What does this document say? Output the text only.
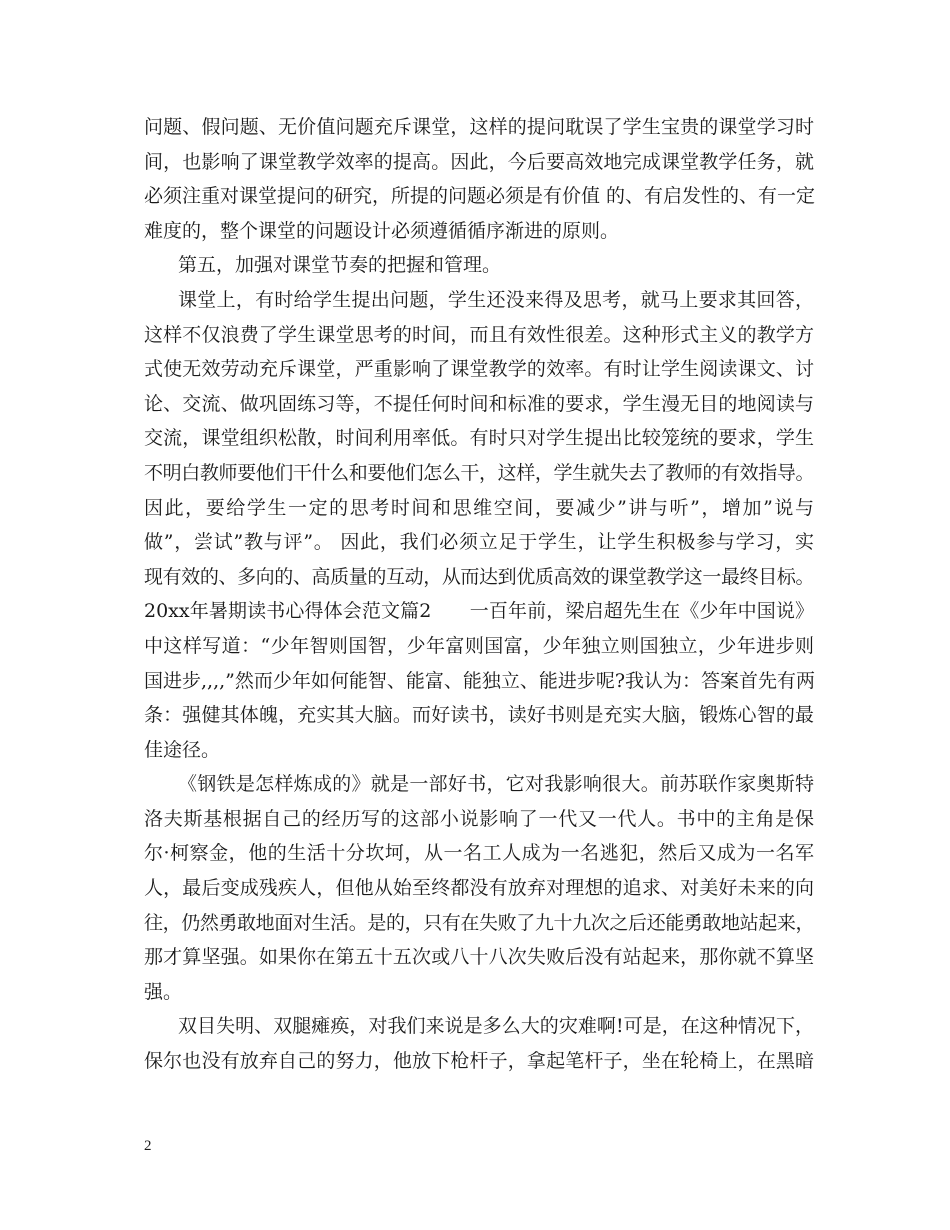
问题、假问题、无价值问题充斥课堂，这样的提问耽误了学生宝贵的课堂学习时
间，也影响了课堂教学效率的提高。因此，今后要高效地完成课堂教学任务，就
必须注重对课堂提问的研究，所提的问题必须是有价值 的、有启发性的、有一定
难度的，整个课堂的问题设计必须遵循循序渐进的原则。
第五，加强对课堂节奏的把握和管理。
课堂上，有时给学生提出问题，学生还没来得及思考，就马上要求其回答，
这样不仅浪费了学生课堂思考的时间，而且有效性很差。这种形式主义的教学方
式使无效劳动充斥课堂，严重影响了课堂教学的效率。有时让学生阅读课文、讨
论、交流、做巩固练习等，不提任何时间和标准的要求，学生漫无目的地阅读与
交流，课堂组织松散，时间利用率低。有时只对学生提出比较笼统的要求，学生
不明白教师要他们干什么和要他们怎么干，这样，学生就失去了教师的有效指导。
因此，要给学生一定的思考时间和思维空间，要减少”讲与听”，增加”说与
做”，尝试”教与评”。 因此，我们必须立足于学生，让学生积极参与学习，实
现有效的、多向的、高质量的互动，从而达到优质高效的课堂教学这一最终目标。
20xx年暑期读书心得体会范文篇2　　一百年前，梁启超先生在《少年中国说》
中这样写道：“少年智则国智，少年富则国富，少年独立则国独立，少年进步则
国进步,,,,”然而少年如何能智、能富、能独立、能进步呢?我认为：答案首先有两
条：强健其体魄，充实其大脑。而好读书，读好书则是充实大脑，锻炼心智的最
佳途径。
《钢铁是怎样炼成的》就是一部好书，它对我影响很大。前苏联作家奥斯特
洛夫斯基根据自己的经历写的这部小说影响了一代又一代人。书中的主角是保
尔·柯察金，他的生活十分坎坷，从一名工人成为一名逃犯，然后又成为一名军
人，最后变成残疾人，但他从始至终都没有放弃对理想的追求、对美好未来的向
往，仍然勇敢地面对生活。是的，只有在失败了九十九次之后还能勇敢地站起来，
那才算坚强。如果你在第五十五次或八十八次失败后没有站起来，那你就不算坚
强。
双目失明、双腿瘫痪，对我们来说是多么大的灾难啊!可是，在这种情况下，
保尔也没有放弃自己的努力，他放下枪杆子，拿起笔杆子，坐在轮椅上，在黑暗
2
